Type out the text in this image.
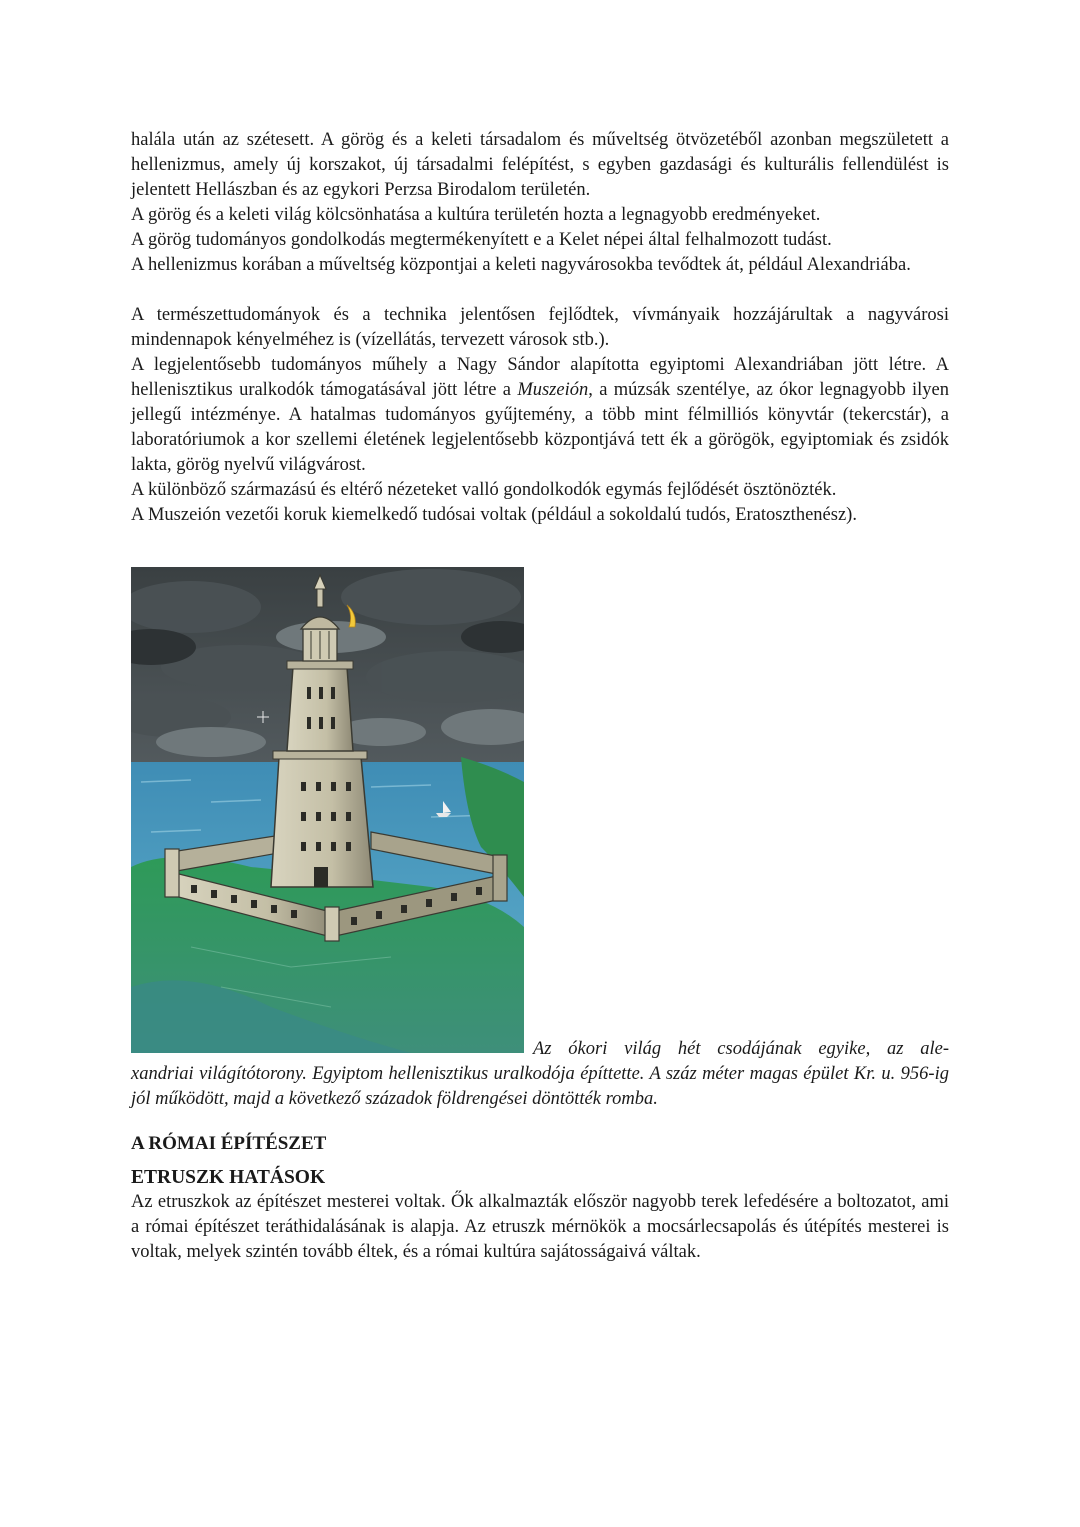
halála után az szétesett. A görög és a keleti társadalom és műveltség ötvözetéből azonban megszületett a hellenizmus, amely új korszakot, új társadalmi felépítést, s egyben gazdasági és kulturális fellendülést is jelentett Hellászban és az egykori Perzsa Birodalom területén.

A görög és a keleti világ kölcsönhatása a kultúra területén hozta a legnagyobb eredményeket.

A görög tudományos gondolkodás megtermékenyített e a Kelet népei által felhalmozott tudást.

A hellenizmus korában a műveltség központjai a keleti nagyvárosokba tevődtek át, például Alexandriába.

A természettudományok és a technika jelentősen fejlődtek, vívmányaik hozzájárultak a nagyvárosi mindennapok kényelméhez is (vízellátás, tervezett városok stb.).

A legjelentősebb tudományos műhely a Nagy Sándor alapította egyiptomi Alexandriában jött létre. A hellenisztikus uralkodók támogatásával jött létre a Muszeión, a múzsák szentélye, az ókor legnagyobb ilyen jellegű intézménye. A hatalmas tudományos gyűjtemény, a több mint félmilliós könyvtár (tekercstár), a laboratóriumok a kor szellemi életének legjelentősebb központjává tett ék a görögök, egyiptomiak és zsidók lakta, görög nyelvű világvárost.

A különböző származású és eltérő nézeteket valló gondolkodók egymás fejlődését ösztönözték.

A Muszeión vezetői koruk kiemelkedő tudósai voltak (például a sokoldalú tudós, Eratoszthenész).

Az ókori világ hét csodájának egyike, az ale-

xandriai világítótorony. Egyiptom hellenisztikus uralkodója építtette. A száz méter magas épület Kr. u. 956-ig jól működött, majd a következő századok földrengései döntötték romba.

A RÓMAI ÉPÍTÉSZET
ETRUSZK HATÁSOK

Az etruszkok az építészet mesterei voltak. Ők alkalmazták először nagyobb terek lefedésére a boltozatot, ami a római építészet teráthidalásának is alapja. Az etruszk mérnökök a mocsárlecsapolás és útépítés mesterei is voltak, melyek szintén tovább éltek, és a római kultúra sajátosságaivá váltak.
